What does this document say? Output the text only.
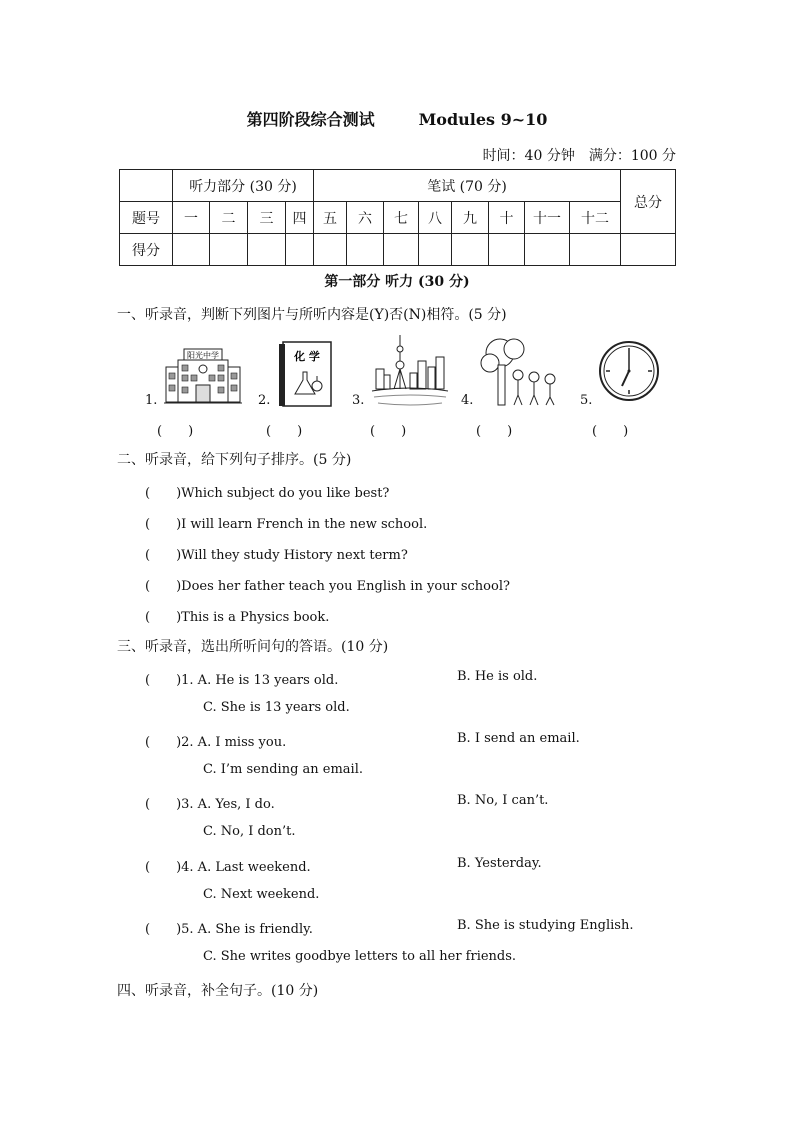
第四阶段综合测试	Modules 9~10
时间：40 分钟　满分：100 分
	听力部分 (30 分)				笔试 (70 分)								总分
题号	一	二	三	四	五	六	七	八	九	十	十一	十二	
得分													
第一部分 听力 (30 分)
一、听录音，判断下列图片与所听内容是(Y)否(N)相符。(5 分)
1.
阳光中学
(　　)
2.
化 学
(　　)
3.
(　　)
4.
(　　)
5.
(　　)
二、听录音，给下列句子排序。(5 分)
(　　)Which subject do you like best?
(　　)I will learn French in the new school.
(　　)Will they study History next term?
(　　)Does her father teach you English in your school?
(　　)This is a Physics book.
三、听录音，选出所听问句的答语。(10 分)
(　　)1. A. He is 13 years old.	B. He is old.
C. She is 13 years old.
(　　)2. A. I miss you.	B. I send an email.
C. I’m sending an email.
(　　)3. A. Yes, I do.	B. No, I can’t.
C. No, I don’t.
(　　)4. A. Last weekend.	B. Yesterday.
C. Next weekend.
(　　)5. A. She is friendly.	B. She is studying English.
C. She writes goodbye letters to all her friends.
四、听录音，补全句子。(10 分)
